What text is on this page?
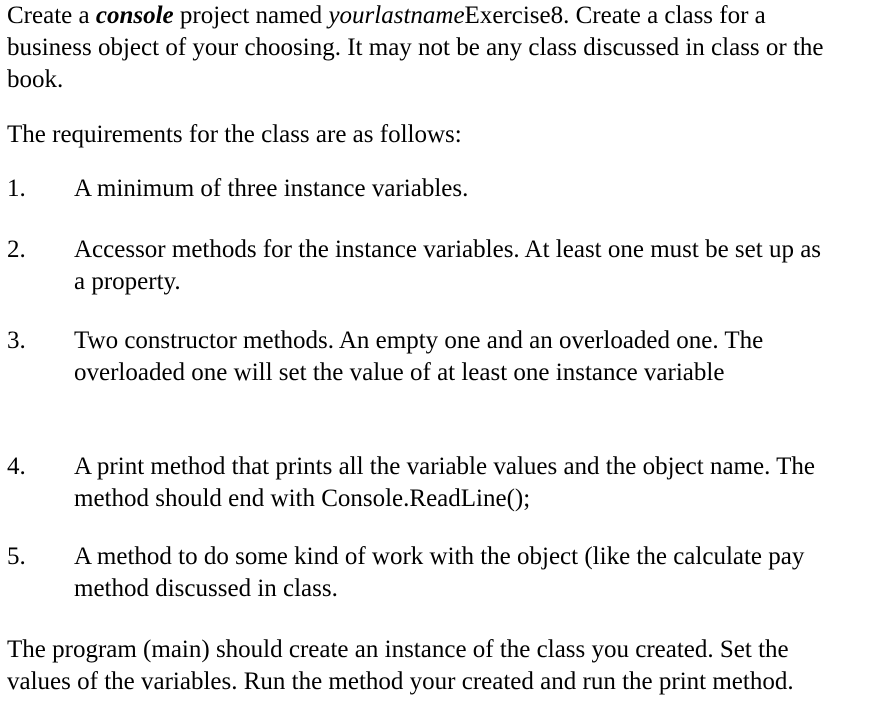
Create a console project named yourlastnameExercise8. Create a class for a business object of your choosing. It may not be any class discussed in class or the book.

The requirements for the class are as follows:

1. A minimum of three instance variables.
2. Accessor methods for the instance variables. At least one must be set up as a property.
3. Two constructor methods. An empty one and an overloaded one. The overloaded one will set the value of at least one instance variable
4. A print method that prints all the variable values and the object name. The method should end with Console.ReadLine();
5. A method to do some kind of work with the object (like the calculate pay method discussed in class.

The program (main) should create an instance of the class you created. Set the values of the variables. Run the method your created and run the print method.
